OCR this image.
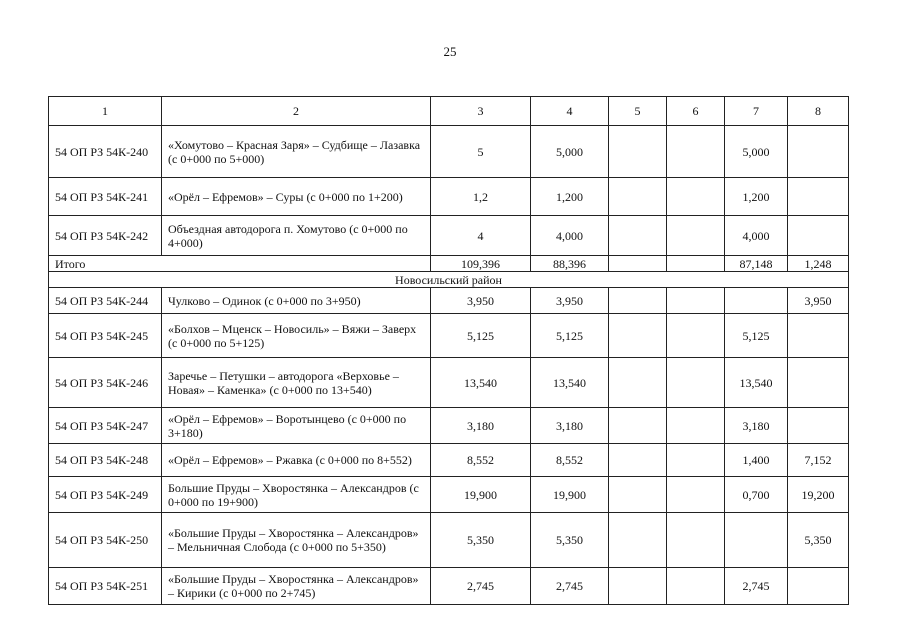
25
1	2	3	4	5	6	7	8
54 ОП РЗ 54К-240	«Хомутово – Красная Заря» – Судбище – Лазавка (с 0+000 по 5+000)	5	5,000			5,000	
54 ОП РЗ 54К-241	«Орёл – Ефремов» – Суры (с 0+000 по 1+200)	1,2	1,200			1,200	
54 ОП РЗ 54К-242	Объездная автодорога п. Хомутово (с 0+000 по 4+000)	4	4,000			4,000	
Итого		109,396	88,396			87,148	1,248
Новосильский район							
54 ОП РЗ 54К-244	Чулково – Одинок (с 0+000 по 3+950)	3,950	3,950				3,950
54 ОП РЗ 54К-245	«Болхов – Мценск – Новосиль» – Вяжи – Заверх (с 0+000 по 5+125)	5,125	5,125			5,125	
54 ОП РЗ 54К-246	Заречье – Петушки – автодорога «Верховье – Новая» – Каменка» (с 0+000 по 13+540)	13,540	13,540			13,540	
54 ОП РЗ 54К-247	«Орёл – Ефремов» – Воротынцево (с 0+000 по 3+180)	3,180	3,180			3,180	
54 ОП РЗ 54К-248	«Орёл – Ефремов» – Ржавка (с 0+000 по 8+552)	8,552	8,552			1,400	7,152
54 ОП РЗ 54К-249	Большие Пруды – Хворостянка – Александров (с 0+000 по 19+900)	19,900	19,900			0,700	19,200
54 ОП РЗ 54К-250	«Большие Пруды – Хворостянка – Александров» – Мельничная Слобода (с 0+000 по 5+350)	5,350	5,350				5,350
54 ОП РЗ 54К-251	«Большие Пруды – Хворостянка – Александров» – Кирики (с 0+000 по 2+745)	2,745	2,745			2,745	
